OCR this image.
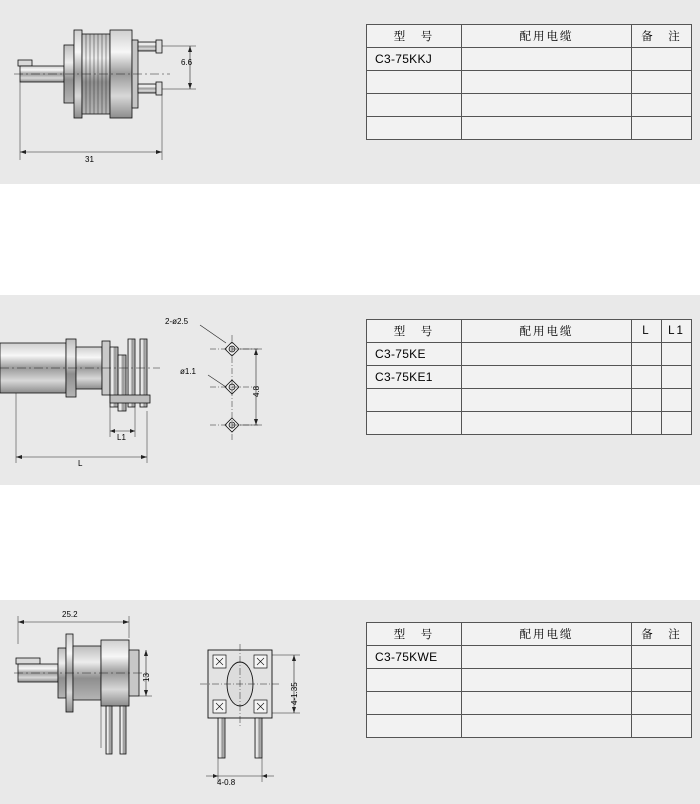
6.6
31
型　号	配用电缆	备　注
C3-75KKJ		

2-ø2.5
ø1.1
4.8
L1
L
型　号	配用电缆	L	L1
C3-75KE			
C3-75KE1			

25.2
13
4-1.35
4-0.8
型　号	配用电缆	备　注
C3-75KWE		
